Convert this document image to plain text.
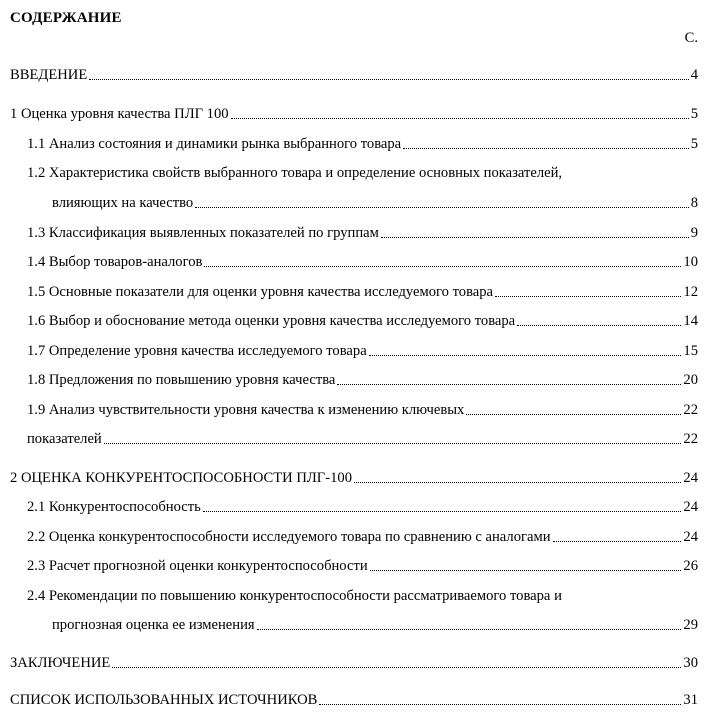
СОДЕРЖАНИЕ
С.
ВВЕДЕНИЕ	4
1 Оценка уровня качества ПЛГ 100	5
1.1 Анализ состояния и динамики рынка выбранного товара	5
1.2 Характеристика свойств выбранного товара и определение основных показателей,
влияющих на качество	8
1.3 Классификация выявленных показателей по группам	9
1.4 Выбор товаров-аналогов	10
1.5 Основные показатели для оценки уровня качества исследуемого товара	12
1.6 Выбор и обоснование метода оценки уровня качества исследуемого товара	14
1.7 Определение уровня качества исследуемого товара	15
1.8 Предложения по повышению уровня качества	20
1.9 Анализ чувствительности уровня качества к изменению ключевых	22
показателей	22
2 ОЦЕНКА КОНКУРЕНТОСПОСОБНОСТИ ПЛГ-100	24
2.1 Конкурентоспособность	24
2.2 Оценка конкурентоспособности исследуемого товара по сравнению с аналогами	24
2.3 Расчет прогнозной оценки конкурентоспособности	26
2.4 Рекомендации по повышению конкурентоспособности рассматриваемого товара и
прогнозная оценка ее изменения	29
ЗАКЛЮЧЕНИЕ	30
СПИСОК ИСПОЛЬЗОВАННЫХ ИСТОЧНИКОВ	31
